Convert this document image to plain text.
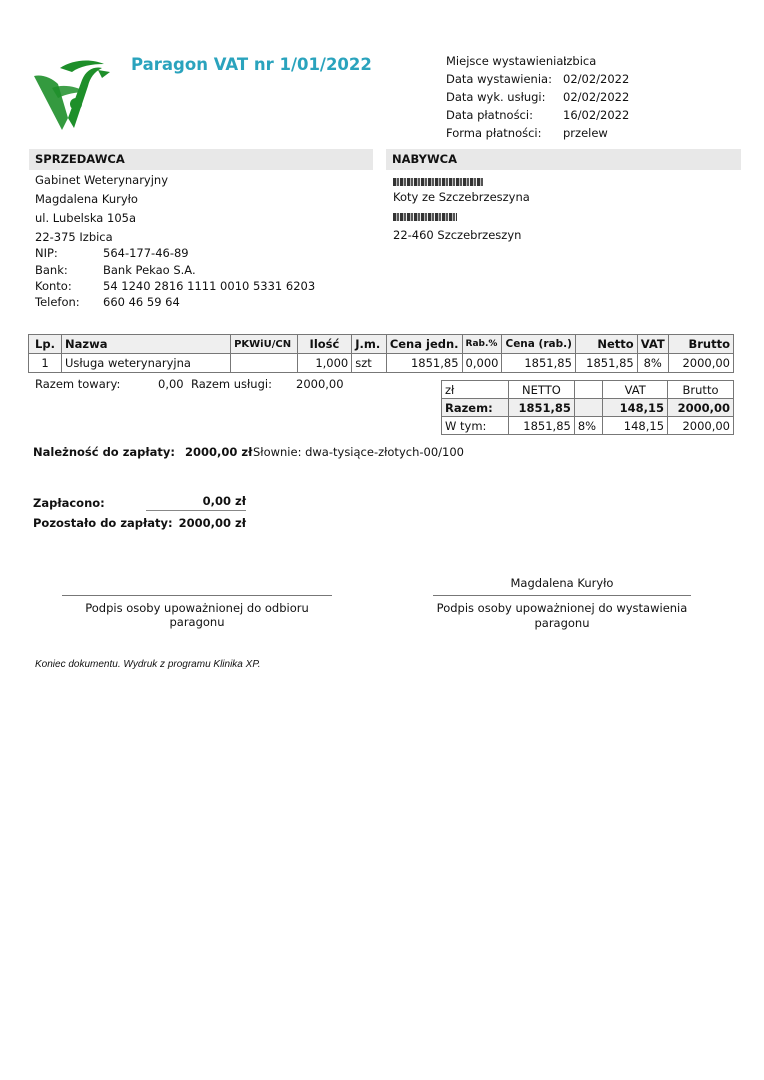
Paragon VAT nr 1/01/2022	Miejsce wystawienia:
Izbica
Data wystawienia: 02/02/2022
Data wyk. usługi: 02/02/2022
Data płatności:	16/02/2022
Forma płatności: przelew
SPRZEDAWCA	NABYWCA
Gabinet Weterynaryjny
Magdalena Kuryło
ul. Lubelska 105a
22-375 Izbica
NIP:	564-177-46-89
Bank:	Bank Pekao S.A.
Konto:	54 1240 2816 1111 0010 5331 6203
Telefon: 660 46 59 64
Koty ze Szczebrzeszyna
22-460 Szczebrzeszyn
Lp.	Nazwa	PKWiU/CN	Ilość	J.m.	Cena jedn.	Rab.%	Cena (rab.)	Netto	VAT	Brutto
1	Usługa weterynaryjna		1,000	szt	1851,85	0,000	1851,85	1851,85	8%	2000,00
Razem towary:	0,00 Razem usługi: 2000,00	zł	NETTO		VAT	Brutto
Razem:	1851,85		148,15	2000,00
W tym:	1851,85	8%	148,15	2000,00
Należność do zapłaty: 2000,00 zł Słownie: dwa-tysiące-złotych-00/100
Zapłacono:	0,00 zł
Pozostało do zapłaty: 2000,00 zł
Magdalena Kuryło
Podpis osoby upoważnionej do odbioru paragonu
Podpis osoby upoważnionej do wystawienia paragonu
Koniec dokumentu. Wydruk z programu Klinika XP.
